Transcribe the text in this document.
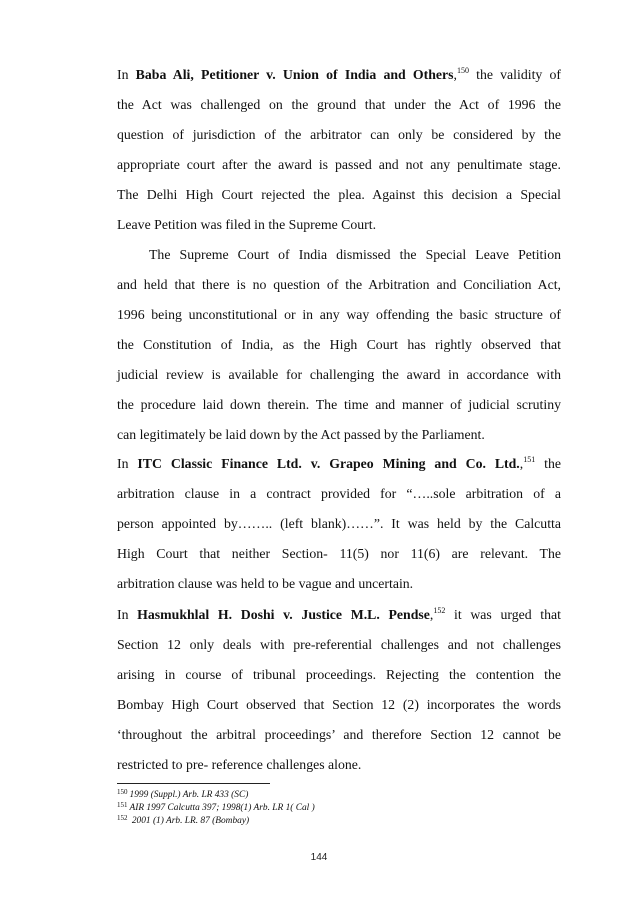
In Baba Ali, Petitioner v. Union of India and Others,$^{150}$ the validity of
the Act was challenged on the ground that under the Act of 1996 the
question of jurisdiction of the arbitrator can only be considered by the
appropriate court after the award is passed and not any penultimate stage.
The Delhi High Court rejected the plea. Against this decision a Special
Leave Petition was filed in the Supreme Court.
The Supreme Court of India dismissed the Special Leave Petition
and held that there is no question of the Arbitration and Conciliation Act,
1996 being unconstitutional or in any way offending the basic structure of
the Constitution of India, as the High Court has rightly observed that
judicial review is available for challenging the award in accordance with
the procedure laid down therein. The time and manner of judicial scrutiny
can legitimately be laid down by the Act passed by the Parliament.
In ITC Classic Finance Ltd. v. Grapeo Mining and Co. Ltd.,$^{151}$ the
arbitration clause in a contract provided for “…..sole arbitration of a
person appointed by…….. (left blank)……”. It was held by the Calcutta
High Court that neither Section- 11(5) nor 11(6) are relevant. The
arbitration clause was held to be vague and uncertain.
In Hasmukhlal H. Doshi v. Justice M.L. Pendse,$^{152}$ it was urged that
Section 12 only deals with pre-referential challenges and not challenges
arising in course of tribunal proceedings. Rejecting the contention the
Bombay High Court observed that Section 12 (2) incorporates the words
‘throughout the arbitral proceedings’ and therefore Section 12 cannot be
restricted to pre- reference challenges alone.
$^{150}$ 1999 (Suppl.) Arb. LR 433 (SC)
$^{151}$ AIR 1997 Calcutta 397; 1998(1) Arb. LR 1( Cal )
$^{152}$ 2001 (1) Arb. LR. 87 (Bombay)
144
